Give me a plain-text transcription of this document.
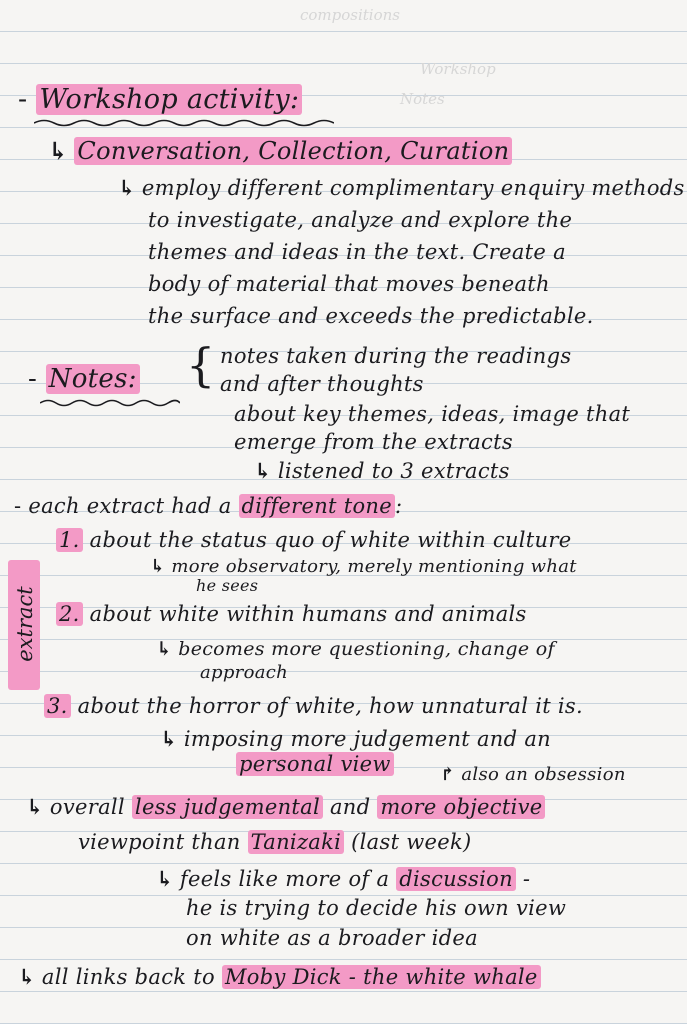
compositions
Workshop
Notes
- Workshop activity:
↳ Conversation, Collection, Curation
↳ employ different complimentary enquiry methods
to investigate, analyze and explore the
themes and ideas in the text. Create a
body of material that moves beneath
the surface and exceeds the predictable.
- Notes: { notes taken during the readings
and after thoughts
about key themes, ideas, image that
emerge from the extracts
↳ listened to 3 extracts
- each extract had a different tone :
extract
1. about the status quo of white within culture
↳ more observatory, merely mentioning what
he sees
2. about white within humans and animals
↳ becomes more questioning, change of
approach
3. about the horror of white, how unnatural it is.
↳ imposing more judgement and an
personal view	↱ also an obsession
↳ overall less judgemental and more objective
viewpoint than Tanizaki (last week)
↳ feels like more of a discussion -
he is trying to decide his own view
on white as a broader idea
↳ all links back to Moby Dick - the white whale
